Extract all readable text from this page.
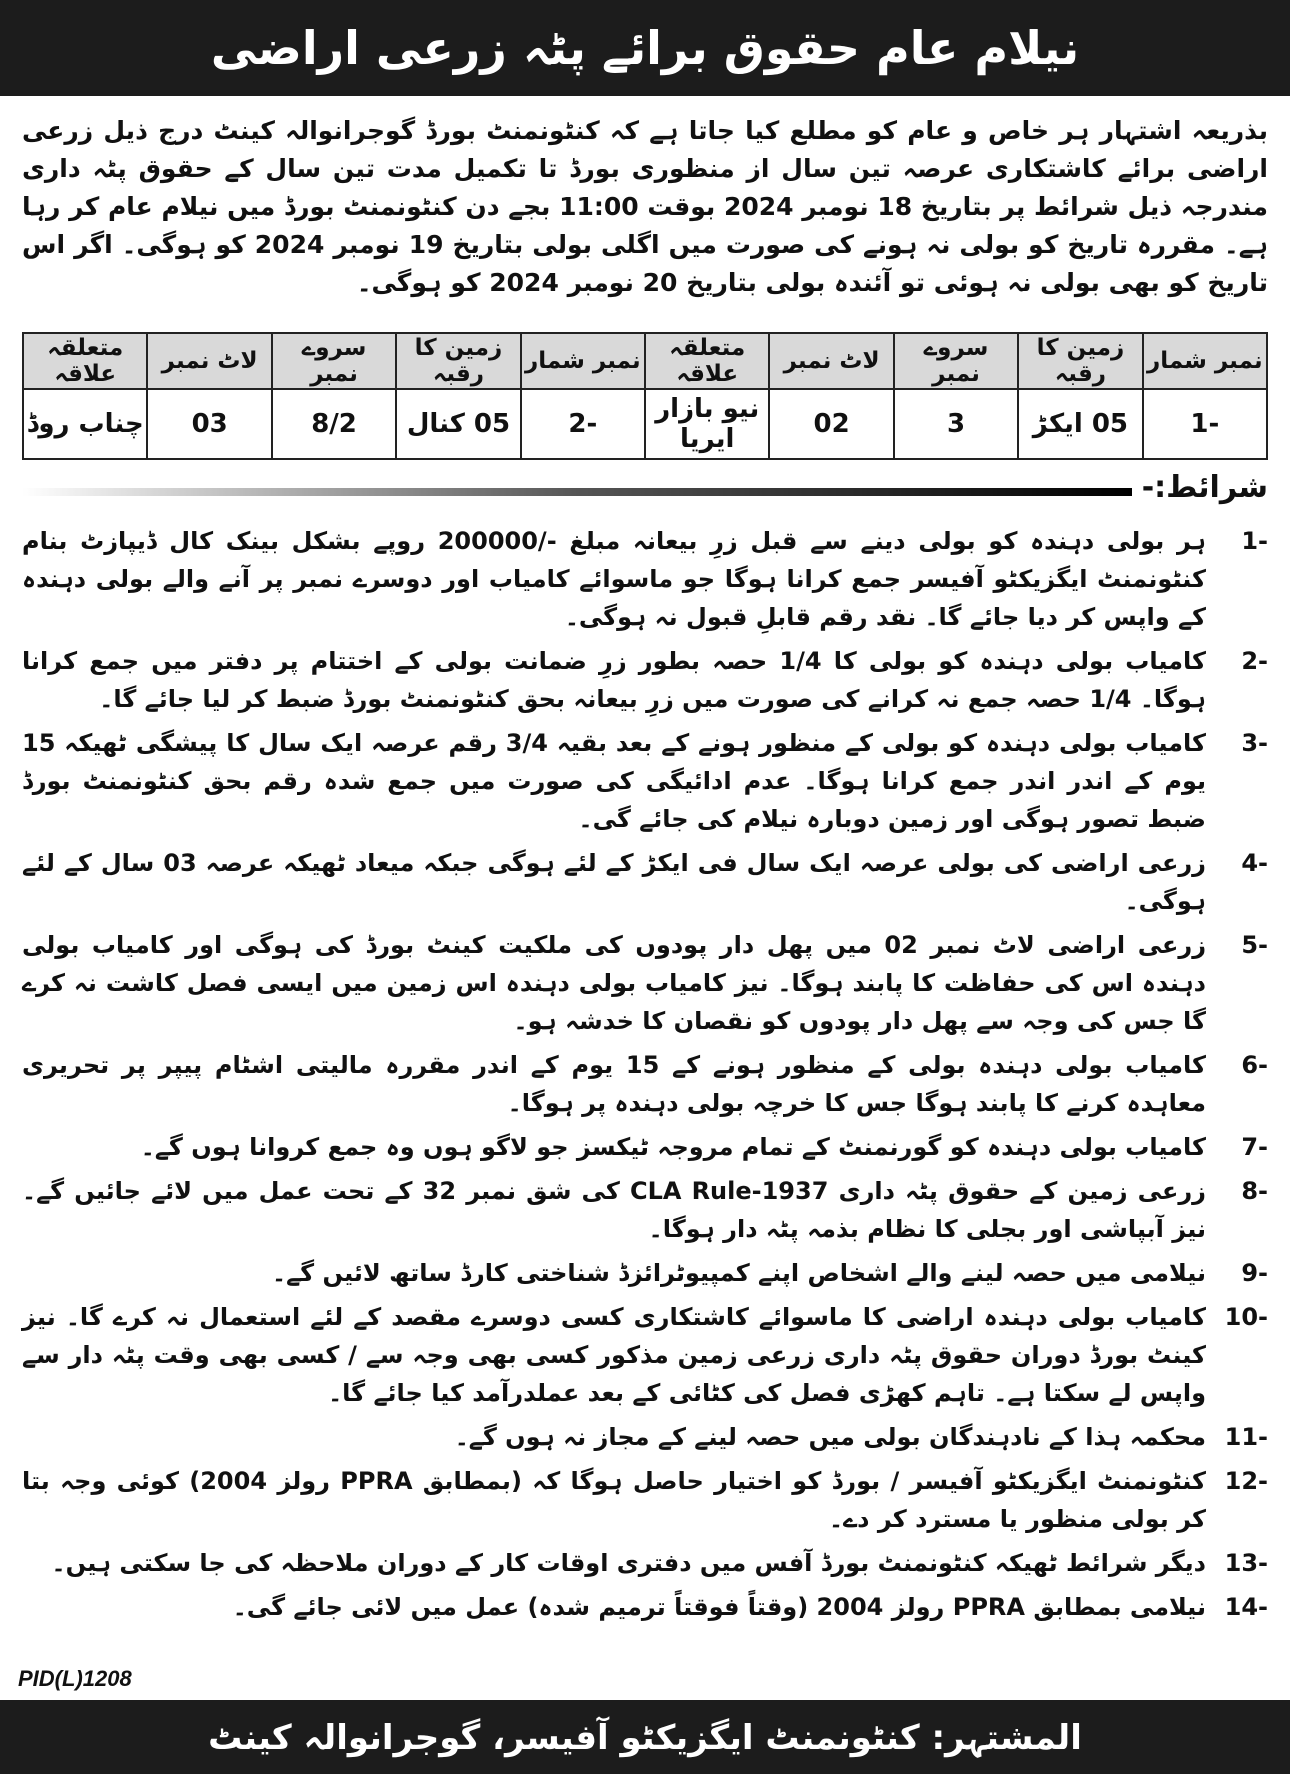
نیلام عام حقوق برائے پٹہ زرعی اراضی
بذریعہ اشتہار ہر خاص و عام کو مطلع کیا جاتا ہے کہ کنٹونمنٹ بورڈ گوجرانوالہ کینٹ درج ذیل زرعی اراضی برائے کاشتکاری عرصہ تین سال از منظوری بورڈ تا تکمیل مدت تین سال کے حقوق پٹہ داری مندرجہ ذیل شرائط پر بتاریخ 18 نومبر 2024 بوقت 11:00 بجے دن کنٹونمنٹ بورڈ میں نیلام عام کر رہا ہے۔ مقررہ تاریخ کو بولی نہ ہونے کی صورت میں اگلی بولی بتاریخ 19 نومبر 2024 کو ہوگی۔ اگر اس تاریخ کو بھی بولی نہ ہوئی تو آئندہ بولی بتاریخ 20 نومبر 2024 کو ہوگی۔
نمبر شمار	زمین کا رقبہ	سروے نمبر	لاٹ نمبر	متعلقہ علاقہ	نمبر شمار	زمین کا رقبہ	سروے نمبر	لاٹ نمبر	متعلقہ علاقہ
-1	05 ایکڑ	3	02	نیو بازار ایریا	-2	05 کنال	8/2	03	چناب روڈ
شرائط:-
-1
ہر بولی دہندہ کو بولی دینے سے قبل زرِ بیعانہ مبلغ -/200000 روپے بشکل بینک کال ڈیپازٹ بنام کنٹونمنٹ ایگزیکٹو آفیسر جمع کرانا ہوگا جو ماسوائے کامیاب اور دوسرے نمبر پر آنے والے بولی دہندہ کے واپس کر دیا جائے گا۔ نقد رقم قابلِ قبول نہ ہوگی۔
-2
کامیاب بولی دہندہ کو بولی کا 1/4 حصہ بطور زرِ ضمانت بولی کے اختتام پر دفتر میں جمع کرانا ہوگا۔ 1/4 حصہ جمع نہ کرانے کی صورت میں زرِ بیعانہ بحق کنٹونمنٹ بورڈ ضبط کر لیا جائے گا۔
-3
کامیاب بولی دہندہ کو بولی کے منظور ہونے کے بعد بقیہ 3/4 رقم عرصہ ایک سال کا پیشگی ٹھیکہ 15 یوم کے اندر اندر جمع کرانا ہوگا۔ عدم ادائیگی کی صورت میں جمع شدہ رقم بحق کنٹونمنٹ بورڈ ضبط تصور ہوگی اور زمین دوبارہ نیلام کی جائے گی۔
-4
زرعی اراضی کی بولی عرصہ ایک سال فی ایکڑ کے لئے ہوگی جبکہ میعاد ٹھیکہ عرصہ 03 سال کے لئے ہوگی۔
-5
زرعی اراضی لاٹ نمبر 02 میں پھل دار پودوں کی ملکیت کینٹ بورڈ کی ہوگی اور کامیاب بولی دہندہ اس کی حفاظت کا پابند ہوگا۔ نیز کامیاب بولی دہندہ اس زمین میں ایسی فصل کاشت نہ کرے گا جس کی وجہ سے پھل دار پودوں کو نقصان کا خدشہ ہو۔
-6
کامیاب بولی دہندہ بولی کے منظور ہونے کے 15 یوم کے اندر مقررہ مالیتی اشٹام پیپر پر تحریری معاہدہ کرنے کا پابند ہوگا جس کا خرچہ بولی دہندہ پر ہوگا۔
-7
کامیاب بولی دہندہ کو گورنمنٹ کے تمام مروجہ ٹیکسز جو لاگو ہوں وہ جمع کروانا ہوں گے۔
-8
زرعی زمین کے حقوق پٹہ داری CLA Rule-1937 کی شق نمبر 32 کے تحت عمل میں لائے جائیں گے۔ نیز آبپاشی اور بجلی کا نظام بذمہ پٹہ دار ہوگا۔
-9
نیلامی میں حصہ لینے والے اشخاص اپنے کمپیوٹرائزڈ شناختی کارڈ ساتھ لائیں گے۔
-10
کامیاب بولی دہندہ اراضی کا ماسوائے کاشتکاری کسی دوسرے مقصد کے لئے استعمال نہ کرے گا۔ نیز کینٹ بورڈ دوران حقوق پٹہ داری زرعی زمین مذکور کسی بھی وجہ سے / کسی بھی وقت پٹہ دار سے واپس لے سکتا ہے۔ تاہم کھڑی فصل کی کٹائی کے بعد عملدرآمد کیا جائے گا۔
-11
محکمہ ہذا کے نادہندگان بولی میں حصہ لینے کے مجاز نہ ہوں گے۔
-12
کنٹونمنٹ ایگزیکٹو آفیسر / بورڈ کو اختیار حاصل ہوگا کہ (بمطابق PPRA رولز 2004) کوئی وجہ بتا کر بولی منظور یا مسترد کر دے۔
-13
دیگر شرائط ٹھیکہ کنٹونمنٹ بورڈ آفس میں دفتری اوقات کار کے دوران ملاحظہ کی جا سکتی ہیں۔
-14
نیلامی بمطابق PPRA رولز 2004 (وقتاً فوقتاً ترمیم شدہ) عمل میں لائی جائے گی۔
PID(L)1208
المشتہر: کنٹونمنٹ ایگزیکٹو آفیسر، گوجرانوالہ کینٹ
